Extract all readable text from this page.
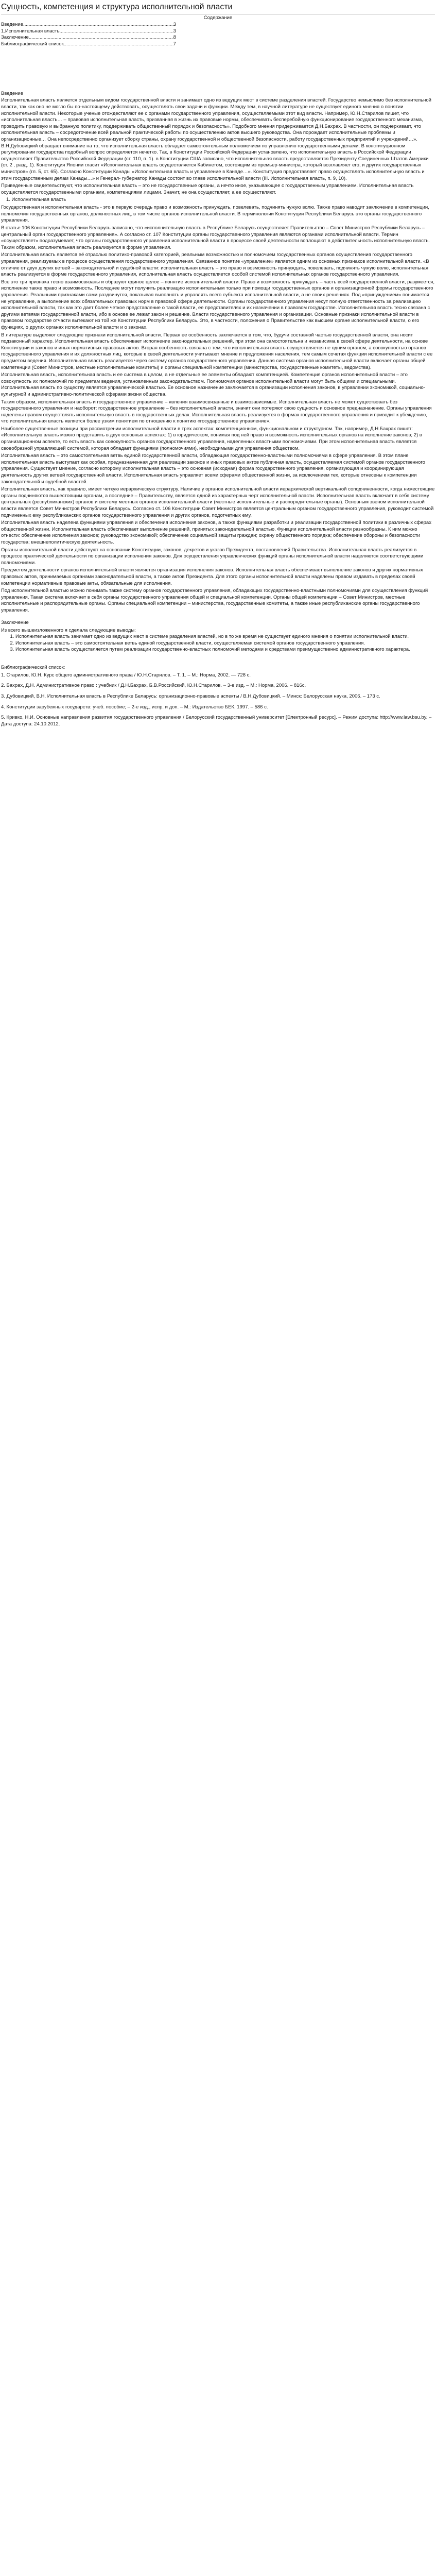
Сущность, компетенция и структура исполнительной власти
Содержание
Введение .....	3
1.Исполнительная власть .....	3
Заключение .....	8
Библиографический список .....	7
Введение

Исполнительная власть является отдельным видом государственной власти и занимает одно из ведущих мест в системе разделения властей. Государство немыслимо без исполнительной власти, так как оно не могло бы по-настоящему действовать, осуществлять свои задачи и функции. Между тем, в научной литературе не существует единого мнения о понятии исполнительной власти. Некоторые ученые отождествляют ее с органами государственного управления, осуществляемыми этот вид власти. Например, Ю.Н.Старилов пишет, что «исполнительная власть… – правовая исполнительная власть, призванная в жизнь их правовые нормы, обеспечивать бесперебойную функционирование государственного механизма, проводить правовую и выбранную политику, поддерживать общественный порядок и безопасность». Подобного мнения придерживается Д.Н.Бахрах. В частности, он подчеркивает, что исполнительная власть – сосредоточение всей реальной практической работы по осуществлению актов высшего руководства. Она порождает исполнительные проблемы и организационные… Она непосредственно организует сборку страны, охрану государственной и общественной безопасности, работу государственных предприятий и учреждений…».

В.Н.Дубовицкий обращает внимание на то, что исполнительная власть обладает самостоятельным полномочием по управлению государственными делами. В конституционном регулировании государства подобный вопрос определяется нечетко. Так, в Конституции Российской Федерации установлено, что исполнительную власть в Российской Федерации осуществляет Правительство Российской Федерации (ст. 110, п. 1). в Конституции США записано, что исполнительная власть предоставляется Президенту Соединенных Штатов Америки (ст. 2 , разд. 1). Конституция Японии гласит «Исполнительная власть осуществляется Кабинетом, состоящим из премьер-министра, который возглавляет его, и других государственных министров» (гл. 5, ст. 65). Согласно Конституции Канады «Исполнительная власть и управление в Канаде…». Конституция предоставляет право осуществлять исполнительную власть и этим государственным делам Канады…» и Генерал- губернатор Канады состоит во главе исполнительной власти (III. Исполнительная власть, п. 9, 10).

Приведенные свидетельствуют, что исполнительная власть – это не государственные органы, а нечто иное, указывающее с государственным управлением. Исполнительная власть осуществляется государственными органами, компетенциями лицами. Значит, не она осуществляет, а ее осуществляют.

1. Исполнительная власть

Государственная и исполнительная власть - это в первую очередь право и возможность принуждать, повелевать, подчинять чужую волю. Также право наводит заключение в компетенции, полномочия государственных органов, должностных лиц, в том числе органов исполнительной власти. В терминологии Конституции Республики Беларусь это органы государственного управления.

В статье 106 Конституции Республики Беларусь записано, что «исполнительную власть в Республике Беларусь осуществляет Правительство – Совет Министров Республики Беларусь – центральный орган государственного управления». А согласно ст. 107 Конституции органы государственного управления являются органами исполнительной власти. Термин «осуществляет» подразумевает, что органы государственного управления исполнительной власти в процессе своей деятельности воплощают в действительность исполнительную власть. Таким образом, исполнительная власть реализуется в форме управления.

Исполнительная власть является её отраслью политико-правовой категорией, реальным возможностью и полномочием государственных органов осуществления государственного управления, реализуемых в процессе осуществления государственного управления. Связанное понятие «управление» является одним из основных признаков исполнительной власти. «В отличие от двух других ветвей – законодательной и судебной власти: исполнительная власть – это право и возможность принуждать, повелевать, подчинять чужую волю, исполнительная власть реализуется в форме государственного управления, исполнительная власть осуществляется особой системой исполнительных органов государственного управления.

Все это три признака тесно взаимосвязаны и образуют единое целое – понятие исполнительной власти. Право и возможность принуждать – часть всей государственной власти, разумеется, исполнение также право и возможность. Последнее могут получить реализацию исполнительным только при помощи государственных органов и организационной формы государственного управления. Реальными признаками сами раздвинутся, показывая выполнять и управлять всего субъекта исполнительной власти, а не своих решениях. Под «принуждением» понимается не управление, а выполнение всех обязательных правовых норм в правовой сфере деятельности. Органы государственного управления несут полную ответственность за реализацию исполнительной власти, так как это дает более четкое представление о такой власти, ее представителях и их назначении в правовом государстве. Исполнительная власть тесно связана с другими ветвями государственной власти, ибо в основе ее лежат закон и решение. Власти государственного управления и организации. Основные признаки исполнительной власти в правовом государстве отчасти вытекают из той же Конституции Республики Беларусь. Это, в частности, положения о Правительстве как высшем органе исполнительной власти, о его функциях, о других органах исполнительной власти и о законах.

В литературе выделяют следующие признаки исполнительной власти. Первая ее особенность заключается в том, что, будучи составной частью государственной власти, она носит подзаконный характер. Исполнительная власть обеспечивает исполнение законодательных решений, при этом она самостоятельна и независима в своей сфере деятельности, на основе Конституции и законов и иных нормативных правовых актов. Вторая особенность связана с тем, что исполнительная власть осуществляется не одним органом, а совокупностью органов государственного управления и их должностных лиц, которые в своей деятельности учитывают мнение и предложения населения, тем самым сочетая функции исполнительной власти с ее предметом ведения. Исполнительная власть реализуется через систему органов государственного управления. Данная система органов исполнительной власти включает органы общей компетенции (Совет Министров, местные исполнительные комитеты) и органы специальной компетенции (министерства, государственные комитеты, ведомства).

Исполнительная власть, исполнительная власть и ее система в целом, а не отдельные ее элементы обладают компетенцией. Компетенция органов исполнительной власти – это совокупность их полномочий по предметам ведения, установленным законодательством. Полномочия органов исполнительной власти могут быть общими и специальными. Исполнительная власть по существу является управленческой властью. Ее основное назначение заключается в организации исполнения законов, в управлении экономикой, социально-культурной и административно-политической сферами жизни общества.

Таким образом, исполнительная власть и государственное управление – явления взаимосвязанные и взаимозависимые. Исполнительная власть не может существовать без государственного управления и наоборот: государственное управление – без исполнительной власти, значит они потеряют свою сущность и основное предназначение. Органы управления наделены правом осуществлять исполнительную власть в государственных делах. Исполнительная власть реализуется в формах государственного управления и приводит к убеждению, что исполнительная власть является более узким понятием по отношению к понятию «государственное управление».

Наиболее существенные позиции при рассмотрении исполнительной власти в трех аспектах: компетенционном, функциональном и структурном. Так, например, Д.Н.Бахрах пишет: «Исполнительную власть можно представить в двух основных аспектах: 1) в юридическом, понимая под ней право и возможность исполнительных органов на исполнение законов; 2) в организационном аспекте, то есть власть как совокупность органов государственного управления, наделенных властными полномочиями. При этом исполнительная власть является своеобразной управляющей системой, которая обладает функциями (полномочиями), необходимыми для управления обществом.

Исполнительная власть – это самостоятельная ветвь единой государственной власти, обладающая государственно-властными полномочиями в сфере управления. В этом плане исполнительная власть выступает как особая, предназначенная для реализации законов и иных правовых актов публичная власть, осуществляемая системой органов государственного управления. Существует мнение, согласно которому исполнительная власть – это основная (исходная) форма государственного управления, организующая и координирующая деятельность других ветвей государственной власти. Исполнительная власть управляет всеми сферами общественной жизни, за исключением тех, которые отнесены к компетенции законодательной и судебной властей.

Исполнительная власть, как правило, имеет четкую иерархическую структуру. Наличие у органов исполнительной власти иерархической вертикальной соподчиненности, когда нижестоящие органы подчиняются вышестоящим органам, а последние – Правительству, является одной из характерных черт исполнительной власти. Исполнительная власть включает в себя систему центральных (республиканских) органов и систему местных органов исполнительной власти (местные исполнительные и распорядительные органы). Основным звеном исполнительной власти является Совет Министров Республики Беларусь. Согласно ст. 106 Конституции Совет Министров является центральным органом государственного управления, руководит системой подчиненных ему республиканских органов государственного управления и других органов, подотчетных ему.

Исполнительная власть наделена функциями управления и обеспечения исполнения законов, а также функциями разработки и реализации государственной политики в различных сферах общественной жизни. Исполнительная власть обеспечивает выполнение решений, принятых законодательной властью. Функции исполнительной власти разнообразны. К ним можно отнести: обеспечение исполнения законов; руководство экономикой; обеспечение социальной защиты граждан; охрану общественного порядка; обеспечение обороны и безопасности государства; внешнеполитическую деятельность.

Органы исполнительной власти действуют на основании Конституции, законов, декретов и указов Президента, постановлений Правительства. Исполнительная власть реализуется в процессе практической деятельности по организации исполнения законов. Для осуществления управленческих функций органы исполнительной власти наделяются соответствующими полномочиями.

Предметом деятельности органов исполнительной власти является организация исполнения законов. Исполнительная власть обеспечивает выполнение законов и других нормативных правовых актов, принимаемых органами законодательной власти, а также актов Президента. Для этого органы исполнительной власти наделены правом издавать в пределах своей компетенции нормативные правовые акты, обязательные для исполнения.

Под исполнительной властью можно понимать также систему органов государственного управления, обладающих государственно-властными полномочиями для осуществления функций управления. Такая система включает в себя органы государственного управления общей и специальной компетенции. Органы общей компетенции – Совет Министров, местные исполнительные и распорядительные органы. Органы специальной компетенции – министерства, государственные комитеты, а также иные республиканские органы государственного управления.

Заключение

Из всего вышеизложенного я сделала следующие выводы:

1. Исполнительная власть занимает одно из ведущих мест в системе разделения властей, но в то же время не существует единого мнения о понятии исполнительной власти.
2. Исполнительная власть – это самостоятельная ветвь единой государственной власти, осуществляемая системой органов государственного управления.
3. Исполнительная власть осуществляется путем реализации государственно-властных полномочий методами и средствами преимущественно административного характера.
Библиографический список:

1. Старилов, Ю.Н. Курс общего административного права / Ю.Н.Старилов. – Т. 1. – М.: Норма, 2002. — 728 с.

2. Бахрах, Д.Н. Административное право : учебник / Д.Н.Бахрах, Б.В.Российский, Ю.Н.Старилов. – 3-е изд. – М.: Норма, 2006. – 816с.

3. Дубовицкий, В.Н. Исполнительная власть в Республике Беларусь: организационно-правовые аспекты / В.Н.Дубовицкий. – Минск: Белорусская наука, 2006. – 173 с.

4. Конституции зарубежных государств: учеб. пособие; – 2-е изд., испр. и доп. – М.: Издательство БЕК, 1997. – 586 с.

5. Кривко, Н.И. Основные направления развития государственного управления / Белорусский государственный университет [Электронный ресурс]. – Режим доступа: http://www.law.bsu.by. – Дата доступа: 24.10.2012.
